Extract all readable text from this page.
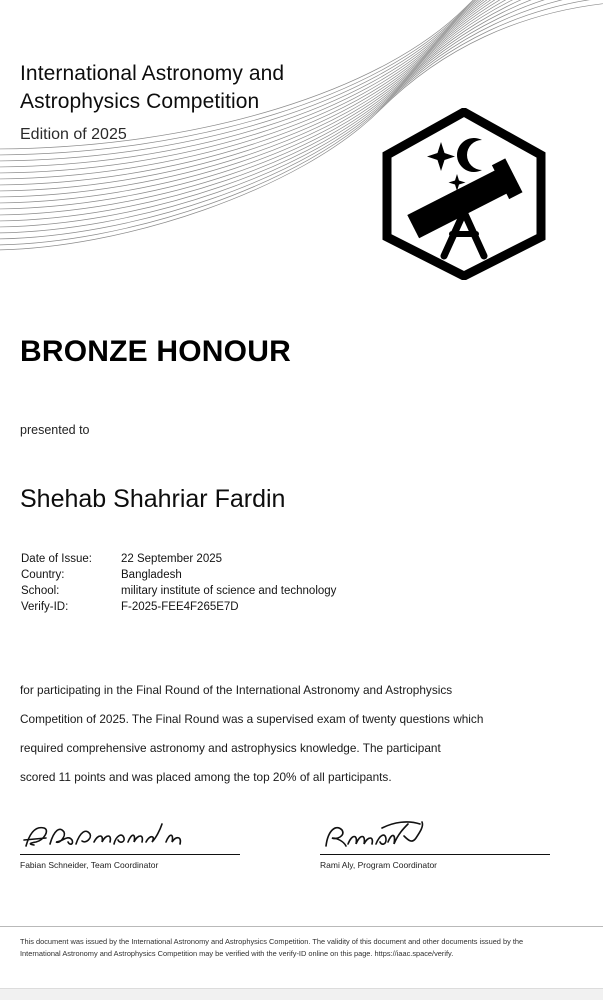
International Astronomy and
Astrophysics Competition
Edition of 2025
BRONZE HONOUR
presented to
Shehab Shahriar Fardin
Date of Issue:	22 September 2025
Country:	Bangladesh
School:	military institute of science and technology
Verify-ID:	F-2025-FEE4F265E7D
for participating in the Final Round of the International Astronomy and Astrophysics
Competition of 2025. The Final Round was a supervised exam of twenty questions which
required comprehensive astronomy and astrophysics knowledge. The participant
scored 11 points and was placed among the top 20% of all participants.
Fabian Schneider, Team Coordinator	Rami Aly, Program Coordinator
This document was issued by the International Astronomy and Astrophysics Competition. The validity of this document and other documents issued by the
International Astronomy and Astrophysics Competition may be verified with the verify-ID online on this page. https://iaac.space/verify.
